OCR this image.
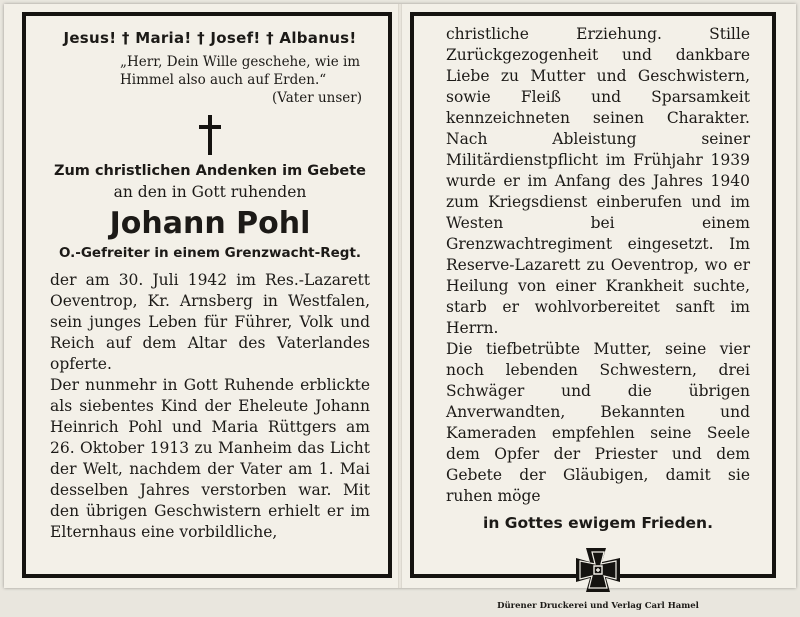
Jesus! † Maria! † Josef! † Albanus!
„Herr, Dein Wille geschehe, wie im
Himmel also auch auf Erden.“
(Vater unser)
Zum christlichen Andenken im Gebete
an den in Gott ruhenden
Johann Pohl
O.-Gefreiter in einem Grenzwacht-Regt.
der am 30. Juli 1942 im Res.-Lazarett Oeventrop, Kr. Arnsberg in Westfalen, sein junges Leben für Führer, Volk und Reich auf dem Altar des Vaterlandes opferte.
Der nunmehr in Gott Ruhende erblickte als siebentes Kind der Eheleute Johann Heinrich Pohl und Maria Rüttgers am 26. Oktober 1913 zu Manheim das Licht der Welt, nachdem der Vater am 1. Mai desselben Jahres verstorben war. Mit den übrigen Geschwistern erhielt er im Elternhaus eine vorbildliche,
christliche Erziehung. Stille Zurückgezogenheit und dankbare Liebe zu Mutter und Geschwistern, sowie Fleiß und Sparsamkeit kennzeichneten seinen Charakter. Nach Ableistung seiner Militärdienstpflicht im Frühjahr 1939 wurde er im Anfang des Jahres 1940 zum Kriegsdienst einberufen und im Westen bei einem Grenzwachtregiment eingesetzt. Im Reserve-Lazarett zu Oeventrop, wo er Heilung von einer Krankheit suchte, starb er wohlvorbereitet sanft im Herrn.
Die tiefbetrübte Mutter, seine vier noch lebenden Schwestern, drei Schwäger und die übrigen Anverwandten, Bekannten und Kameraden empfehlen seine Seele dem Opfer der Priester und dem Gebete der Gläubigen, damit sie ruhen möge
in Gottes ewigem Frieden.
Dürener Druckerei und Verlag Carl Hamel
